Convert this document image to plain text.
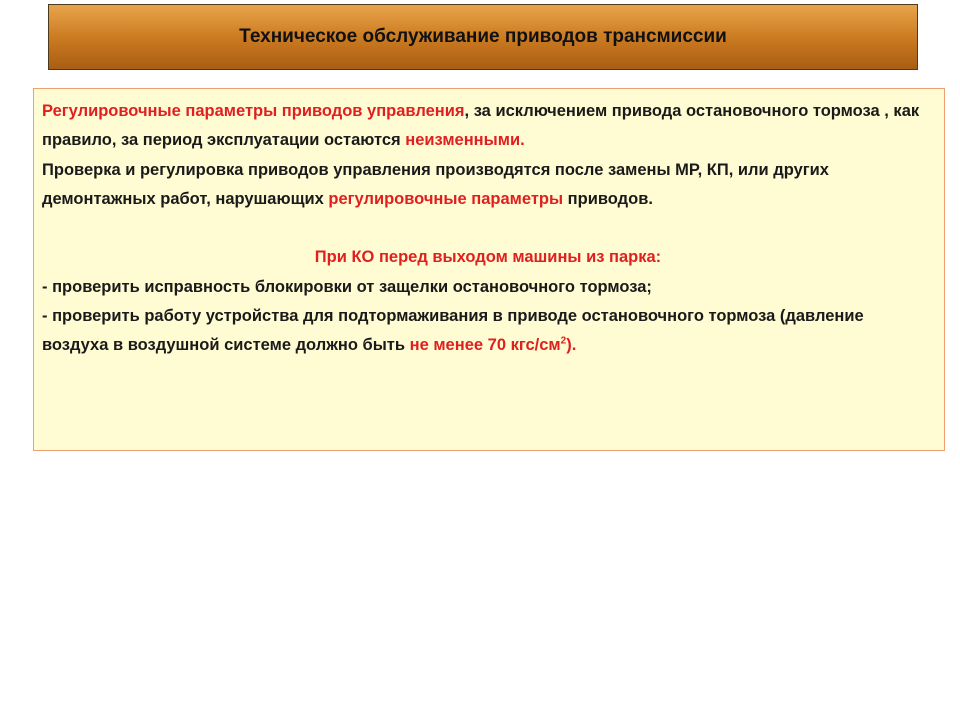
Техническое обслуживание приводов трансмиссии

Регулировочные параметры приводов управления, за исключением привода остановочного тормоза , как правило, за период эксплуатации остаются неизменными.

Проверка и регулировка приводов управления производятся после замены МР, КП, или других демонтажных работ, нарушающих регулировочные параметры приводов.

При КО перед выходом машины из парка:

- проверить исправность блокировки от защелки остановочного тормоза;

- проверить работу устройства для подтормаживания в приводе остановочного тормоза (давление воздуха в воздушной системе должно быть не менее 70 кгс/$см^2$).
